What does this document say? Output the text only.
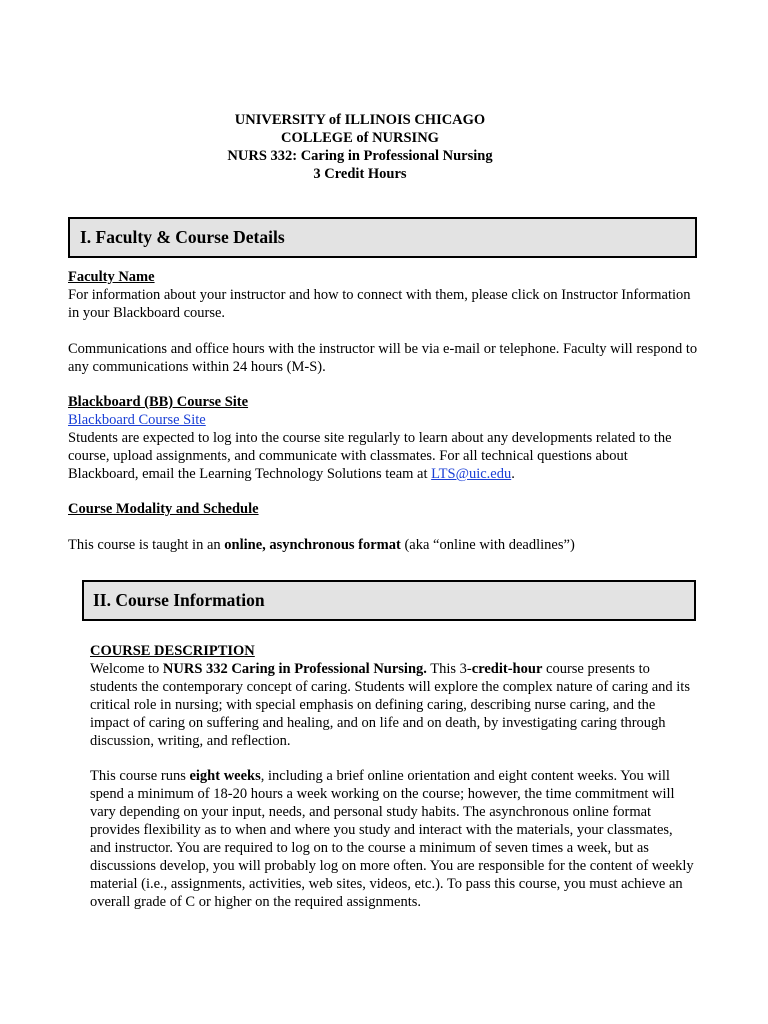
UNIVERSITY of ILLINOIS CHICAGO
COLLEGE of NURSING
NURS 332: Caring in Professional Nursing
3 Credit Hours
I. Faculty & Course Details
Faculty Name

For information about your instructor and how to connect with them, please click on Instructor Information in your Blackboard course.

Communications and office hours with the instructor will be via e-mail or telephone. Faculty will respond to any communications within 24 hours (M-S).

Blackboard (BB) Course Site
Blackboard Course Site

Students are expected to log into the course site regularly to learn about any developments related to the course, upload assignments, and communicate with classmates. For all technical questions about Blackboard, email the Learning Technology Solutions team at LTS@uic.edu.

Course Modality and Schedule

This course is taught in an online, asynchronous format (aka “online with deadlines”)

II. Course Information
COURSE DESCRIPTION

Welcome to NURS 332 Caring in Professional Nursing. This 3-credit-hour course presents to students the contemporary concept of caring. Students will explore the complex nature of caring and its critical role in nursing; with special emphasis on defining caring, describing nurse caring, and the impact of caring on suffering and healing, and on life and on death, by investigating caring through discussion, writing, and reflection.

This course runs eight weeks, including a brief online orientation and eight content weeks. You will spend a minimum of 18-20 hours a week working on the course; however, the time commitment will vary depending on your input, needs, and personal study habits. The asynchronous online format provides flexibility as to when and where you study and interact with the materials, your classmates, and instructor. You are required to log on to the course a minimum of seven times a week, but as discussions develop, you will probably log on more often. You are responsible for the content of weekly material (i.e., assignments, activities, web sites, videos, etc.). To pass this course, you must achieve an overall grade of C or higher on the required assignments.
